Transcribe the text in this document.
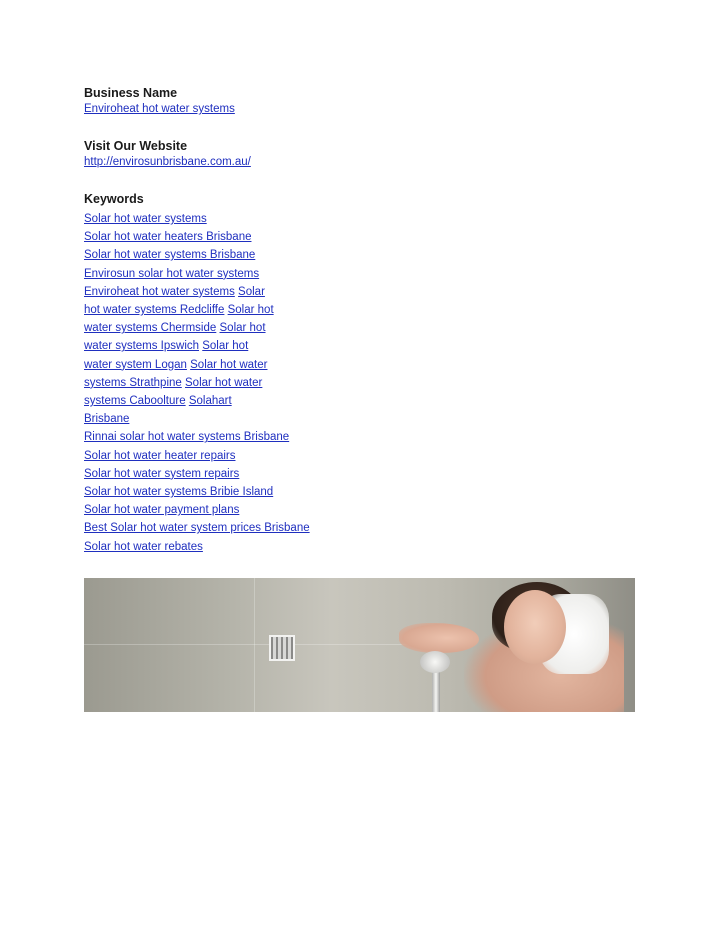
Business Name

Enviroheat hot water systems

Visit Our Website

http://envirosunbrisbane.com.au/

Keywords

Solar hot water systems
Solar hot water heaters Brisbane
Solar hot water systems Brisbane
Envirosun solar hot water systems
Enviroheat hot water systems Solar hot water systems Redcliffe Solar hot water systems Chermside Solar hot water systems Ipswich Solar hot water system Logan Solar hot water systems Strathpine Solar hot water systems Caboolture Solahart Brisbane
Rinnai solar hot water systems Brisbane
Solar hot water heater repairs
Solar hot water system repairs
Solar hot water systems Bribie Island
Solar hot water payment plans
Best Solar hot water system prices Brisbane
Solar hot water rebates
